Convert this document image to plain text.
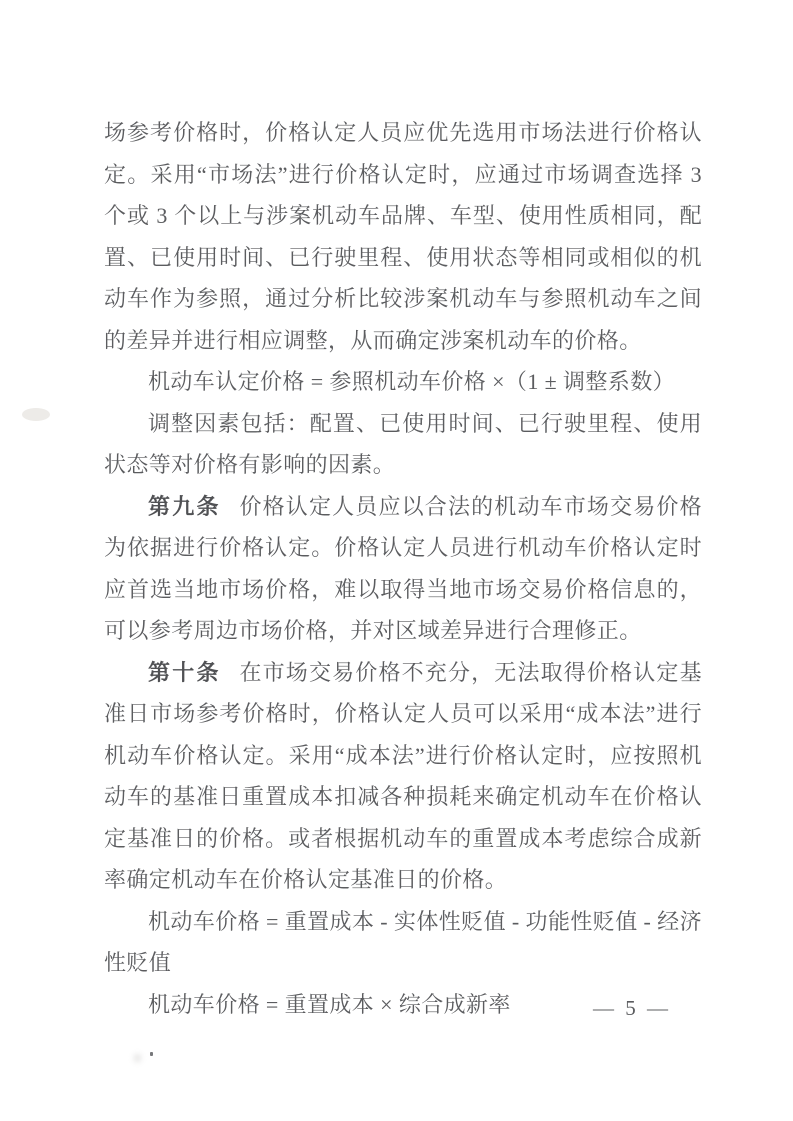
场参考价格时，价格认定人员应优先选用市场法进行价格认定。采用“市场法”进行价格认定时，应通过市场调查选择 3 个或 3 个以上与涉案机动车品牌、车型、使用性质相同，配置、已使用时间、已行驶里程、使用状态等相同或相似的机动车作为参照，通过分析比较涉案机动车与参照机动车之间的差异并进行相应调整，从而确定涉案机动车的价格。

机动车认定价格 = 参照机动车价格 ×（1 ± 调整系数）

调整因素包括：配置、已使用时间、已行驶里程、使用状态等对价格有影响的因素。

第九条 价格认定人员应以合法的机动车市场交易价格为依据进行价格认定。价格认定人员进行机动车价格认定时应首选当地市场价格，难以取得当地市场交易价格信息的，可以参考周边市场价格，并对区域差异进行合理修正。

第十条 在市场交易价格不充分，无法取得价格认定基准日市场参考价格时，价格认定人员可以采用“成本法”进行机动车价格认定。采用“成本法”进行价格认定时，应按照机动车的基准日重置成本扣减各种损耗来确定机动车在价格认定基准日的价格。或者根据机动车的重置成本考虑综合成新率确定机动车在价格认定基准日的价格。

机动车价格 = 重置成本 - 实体性贬值 - 功能性贬值 - 经济性贬值

机动车价格 = 重置成本 × 综合成新率	— 5 —
